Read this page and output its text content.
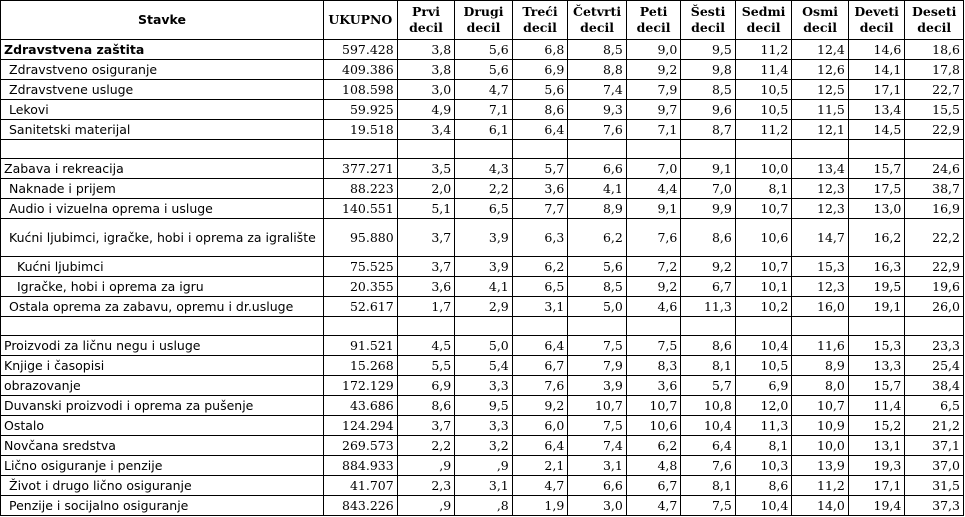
Stavke	UKUPNO	Prvi decil	Drugi decil	Treći decil	Četvrti decil	Peti decil	Šesti decil	Sedmi decil	Osmi decil	Deveti decil	Deseti decil
Zdravstvena zaštita	597.428	3,8	5,6	6,8	8,5	9,0	9,5	11,2	12,4	14,6	18,6
Zdravstveno osiguranje	409.386	3,8	5,6	6,9	8,8	9,2	9,8	11,4	12,6	14,1	17,8
Zdravstvene usluge	108.598	3,0	4,7	5,6	7,4	7,9	8,5	10,5	12,5	17,1	22,7
Lekovi	59.925	4,9	7,1	8,6	9,3	9,7	9,6	10,5	11,5	13,4	15,5
Sanitetski materijal	19.518	3,4	6,1	6,4	7,6	7,1	8,7	11,2	12,1	14,5	22,9

Zabava i rekreacija	377.271	3,5	4,3	5,7	6,6	7,0	9,1	10,0	13,4	15,7	24,6
Naknade i prijem	88.223	2,0	2,2	3,6	4,1	4,4	7,0	8,1	12,3	17,5	38,7
Audio i vizuelna oprema i usluge	140.551	5,1	6,5	7,7	8,9	9,1	9,9	10,7	12,3	13,0	16,9
Kućni ljubimci, igračke, hobi i oprema za igralište	95.880	3,7	3,9	6,3	6,2	7,6	8,6	10,6	14,7	16,2	22,2
Kućni ljubimci	75.525	3,7	3,9	6,2	5,6	7,2	9,2	10,7	15,3	16,3	22,9
Igračke, hobi i oprema za igru	20.355	3,6	4,1	6,5	8,5	9,2	6,7	10,1	12,3	19,5	19,6
Ostala oprema za zabavu, opremu i dr.usluge	52.617	1,7	2,9	3,1	5,0	4,6	11,3	10,2	16,0	19,1	26,0

Proizvodi za ličnu negu i usluge	91.521	4,5	5,0	6,4	7,5	7,5	8,6	10,4	11,6	15,3	23,3
Knjige i časopisi	15.268	5,5	5,4	6,7	7,9	8,3	8,1	10,5	8,9	13,3	25,4
obrazovanje	172.129	6,9	3,3	7,6	3,9	3,6	5,7	6,9	8,0	15,7	38,4
Duvanski proizvodi i oprema za pušenje	43.686	8,6	9,5	9,2	10,7	10,7	10,8	12,0	10,7	11,4	6,5
Ostalo	124.294	3,7	3,3	6,0	7,5	10,6	10,4	11,3	10,9	15,2	21,2
Novčana sredstva	269.573	2,2	3,2	6,4	7,4	6,2	6,4	8,1	10,0	13,1	37,1
Lično osiguranje i penzije	884.933	,9	,9	2,1	3,1	4,8	7,6	10,3	13,9	19,3	37,0
Život i drugo lično osiguranje	41.707	2,3	3,1	4,7	6,6	6,7	8,1	8,6	11,2	17,1	31,5
Penzije i socijalno osiguranje	843.226	,9	,8	1,9	3,0	4,7	7,5	10,4	14,0	19,4	37,3
